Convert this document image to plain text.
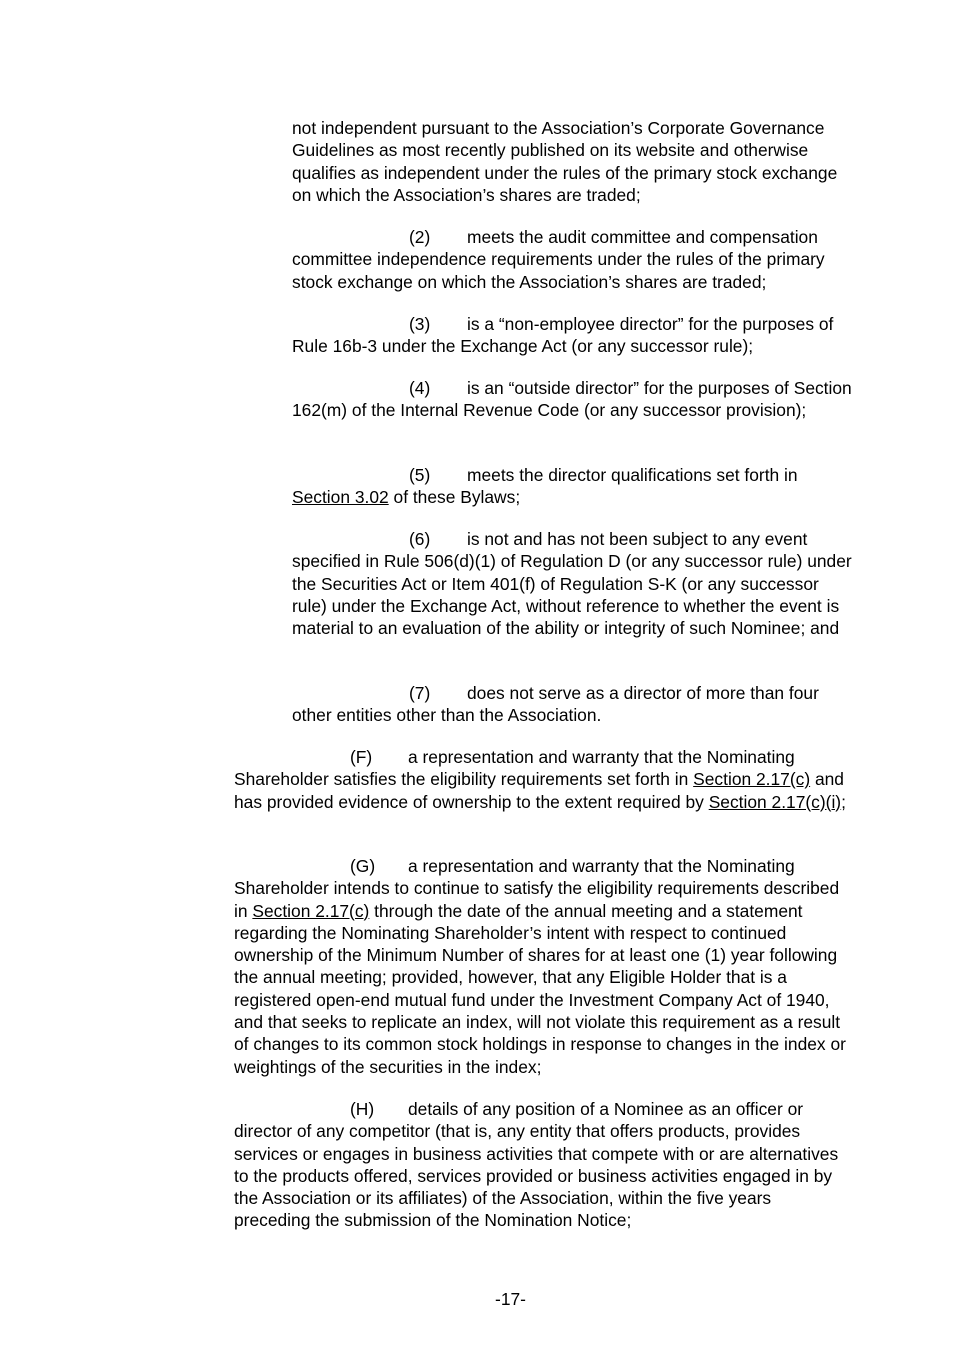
not independent pursuant to the Association’s Corporate Governance Guidelines as most recently published on its website and otherwise qualifies as independent under the rules of the primary stock exchange on which the Association’s shares are traded;

(2) meets the audit committee and compensation committee independence requirements under the rules of the primary stock exchange on which the Association’s shares are traded;

(3) is a “non-employee director” for the purposes of Rule 16b-3 under the Exchange Act (or any successor rule);

(4) is an “outside director” for the purposes of Section 162(m) of the Internal Revenue Code (or any successor provision);

(5) meets the director qualifications set forth in Section 3.02 of these Bylaws;

(6) is not and has not been subject to any event specified in Rule 506(d)(1) of Regulation D (or any successor rule) under the Securities Act or Item 401(f) of Regulation S-K (or any successor rule) under the Exchange Act, without reference to whether the event is material to an evaluation of the ability or integrity of such Nominee; and

(7) does not serve as a director of more than four other entities other than the Association.

(F) a representation and warranty that the Nominating Shareholder satisfies the eligibility requirements set forth in Section 2.17(c) and has provided evidence of ownership to the extent required by Section 2.17(c)(i);

(G) a representation and warranty that the Nominating Shareholder intends to continue to satisfy the eligibility requirements described in Section 2.17(c) through the date of the annual meeting and a statement regarding the Nominating Shareholder’s intent with respect to continued ownership of the Minimum Number of shares for at least one (1) year following the annual meeting; provided, however, that any Eligible Holder that is a registered open-end mutual fund under the Investment Company Act of 1940, and that seeks to replicate an index, will not violate this requirement as a result of changes to its common stock holdings in response to changes in the index or weightings of the securities in the index;

(H) details of any position of a Nominee as an officer or director of any competitor (that is, any entity that offers products, provides services or engages in business activities that compete with or are alternatives to the products offered, services provided or business activities engaged in by the Association or its affiliates) of the Association, within the five years preceding the submission of the Nomination Notice;

-17-
